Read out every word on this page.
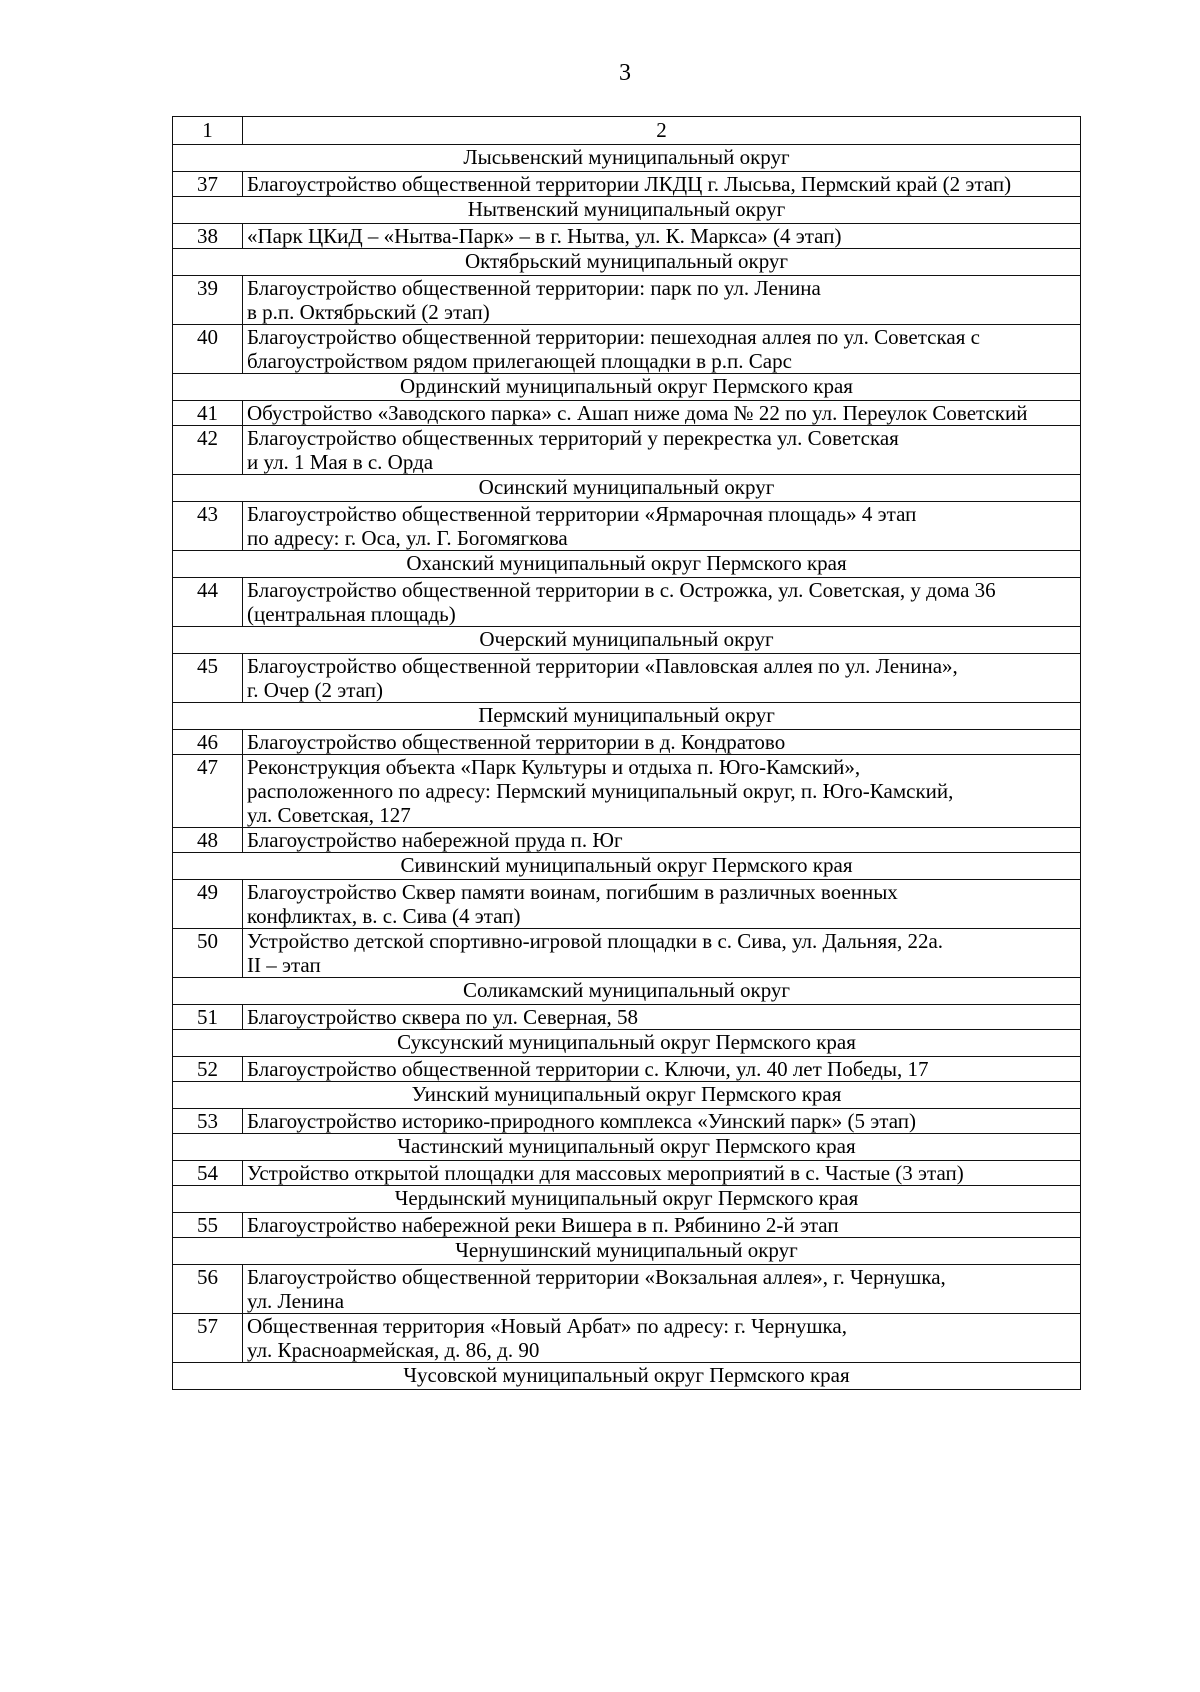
3
1	2
Лысьвенский муниципальный округ	
37	Благоустройство общественной территории ЛКДЦ г. Лысьва, Пермский край (2 этап)
Нытвенский муниципальный округ	
38	«Парк ЦКиД – «Нытва-Парк» – в г. Нытва, ул. К. Маркса» (4 этап)
Октябрьский муниципальный округ	
39	Благоустройство общественной территории: парк по ул. Ленина
в р.п. Октябрьский (2 этап)
40	Благоустройство общественной территории: пешеходная аллея по ул. Советская с благоустройством рядом прилегающей площадки в р.п. Сарс
Ординский муниципальный округ Пермского края	
41	Обустройство «Заводского парка» с. Ашап ниже дома № 22 по ул. Переулок Советский
42	Благоустройство общественных территорий у перекрестка ул. Советская
и ул. 1 Мая в с. Орда
Осинский муниципальный округ	
43	Благоустройство общественной территории «Ярмарочная площадь» 4 этап
по адресу: г. Оса, ул. Г. Богомягкова
Оханский муниципальный округ Пермского края	
44	Благоустройство общественной территории в с. Острожка, ул. Советская, у дома 36 (центральная площадь)
Очерский муниципальный округ	
45	Благоустройство общественной территории «Павловская аллея по ул. Ленина»,
г. Очер (2 этап)
Пермский муниципальный округ	
46	Благоустройство общественной территории в д. Кондратово
47	Реконструкция объекта «Парк Культуры и отдыха п. Юго-Камский»,
расположенного по адресу: Пермский муниципальный округ, п. Юго-Камский,
ул. Советская, 127
48	Благоустройство набережной пруда п. Юг
Сивинский муниципальный округ Пермского края	
49	Благоустройство Сквер памяти воинам, погибшим в различных военных
конфликтах, в. с. Сива (4 этап)
50	Устройство детской спортивно-игровой площадки в с. Сива, ул. Дальняя, 22а.
II – этап
Соликамский муниципальный округ	
51	Благоустройство сквера по ул. Северная, 58
Суксунский муниципальный округ Пермского края	
52	Благоустройство общественной территории с. Ключи, ул. 40 лет Победы, 17
Уинский муниципальный округ Пермского края	
53	Благоустройство историко-природного комплекса «Уинский парк» (5 этап)
Частинский муниципальный округ Пермского края	
54	Устройство открытой площадки для массовых мероприятий в с. Частые (3 этап)
Чердынский муниципальный округ Пермского края	
55	Благоустройство набережной реки Вишера в п. Рябинино 2-й этап
Чернушинский муниципальный округ	
56	Благоустройство общественной территории «Вокзальная аллея», г. Чернушка,
ул. Ленина
57	Общественная территория «Новый Арбат» по адресу: г. Чернушка,
ул. Красноармейская, д. 86, д. 90
Чусовской муниципальный округ Пермского края	
